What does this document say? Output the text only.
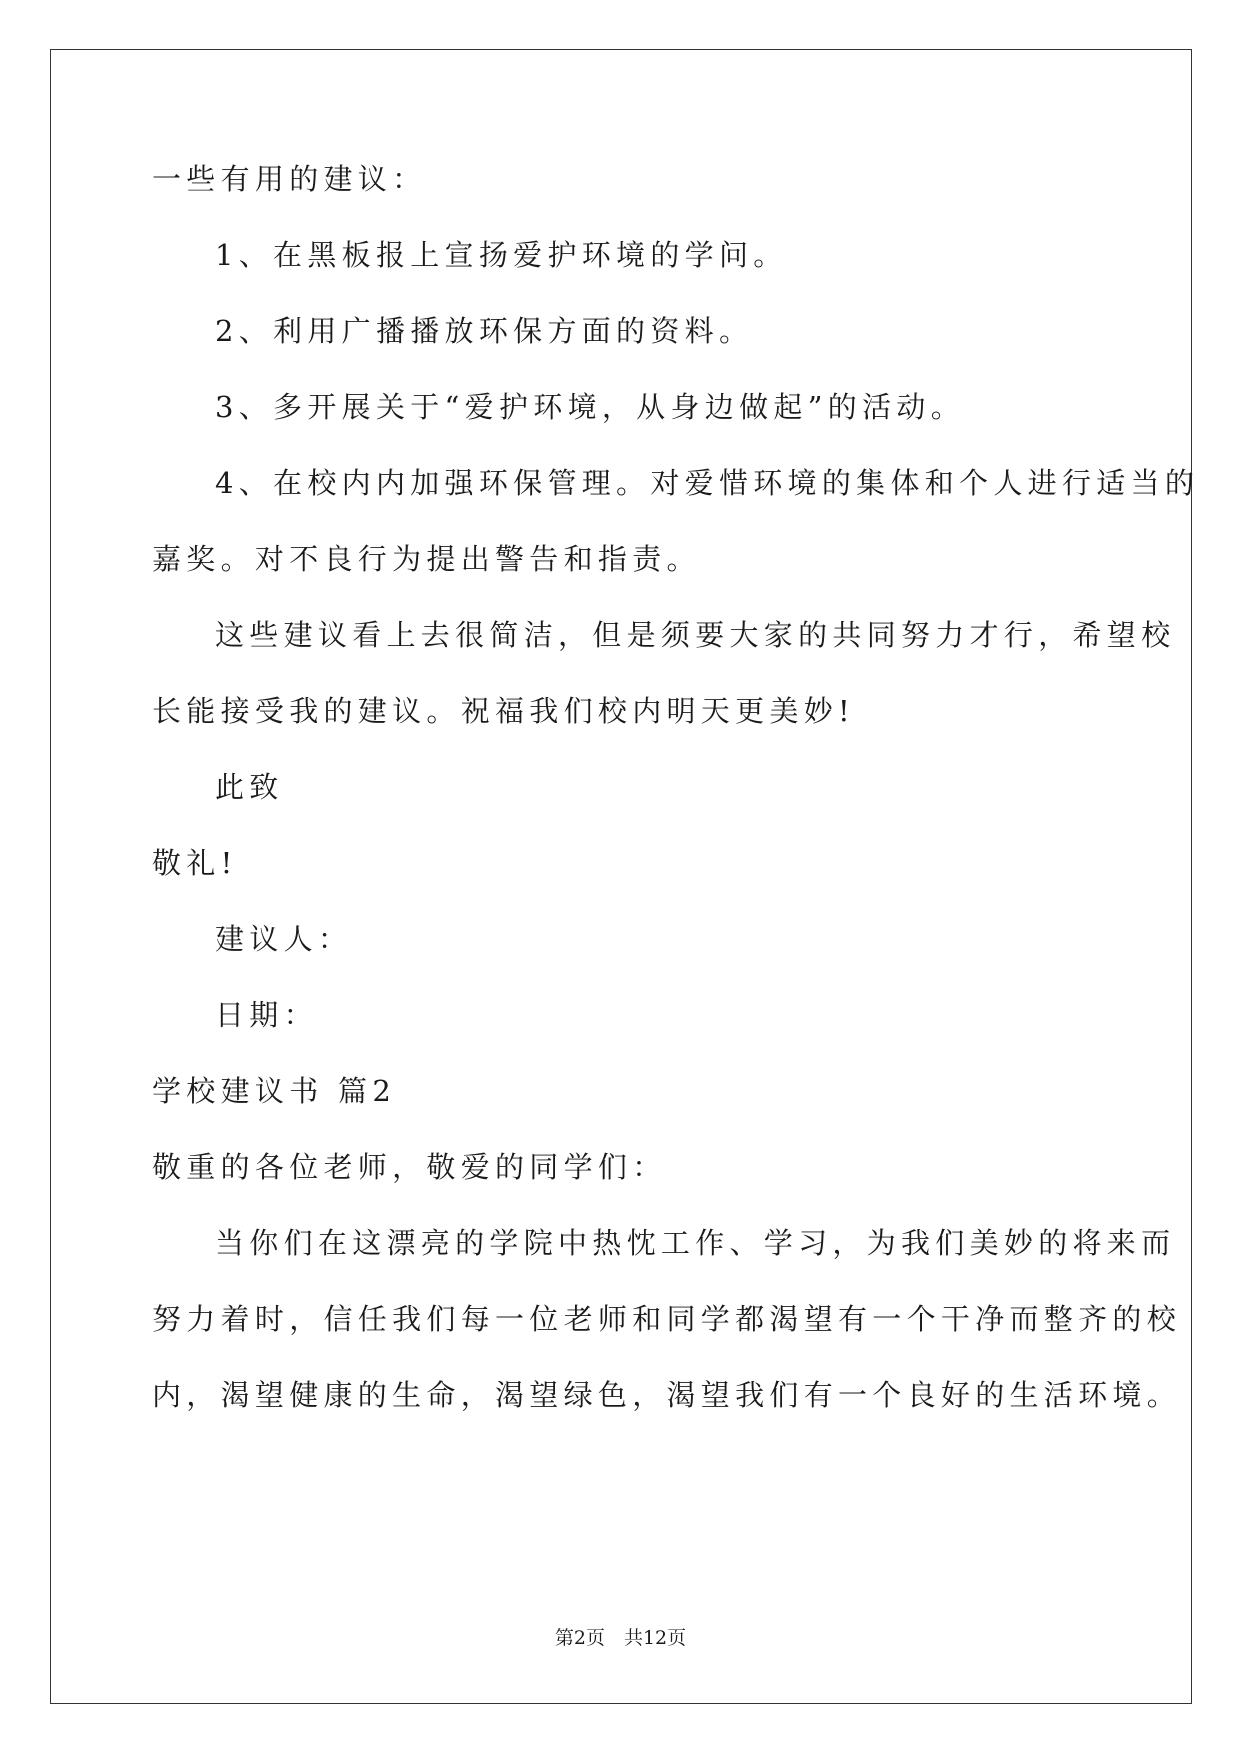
一些有用的建议：

1、在黑板报上宣扬爱护环境的学问。

2、利用广播播放环保方面的资料。

3、多开展关于“爱护环境，从身边做起”的活动。

4、在校内内加强环保管理。对爱惜环境的集体和个人进行适当的

嘉奖。对不良行为提出警告和指责。

这些建议看上去很简洁，但是须要大家的共同努力才行，希望校

长能接受我的建议。祝福我们校内明天更美妙!

此致

敬礼!

建议人：

日期：

学校建议书 篇2

敬重的各位老师，敬爱的同学们：

当你们在这漂亮的学院中热忱工作、学习，为我们美妙的将来而

努力着时，信任我们每一位老师和同学都渴望有一个干净而整齐的校

内，渴望健康的生命，渴望绿色，渴望我们有一个良好的生活环境。

第2页　共12页
